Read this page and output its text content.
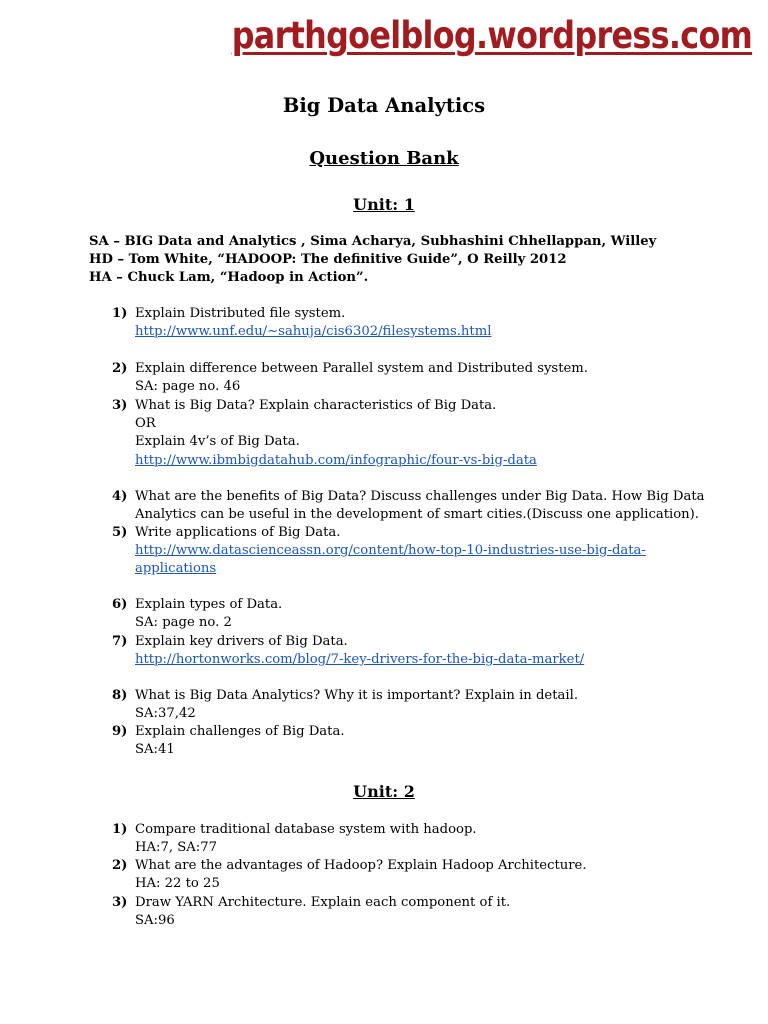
parthgoelblog.wordpress.com
Big Data Analytics
Question Bank
Unit: 1
SA – BIG Data and Analytics , Sima Acharya, Subhashini Chhellappan, Willey
HD – Tom White, “HADOOP: The definitive Guide”, O Reilly 2012
HA – Chuck Lam, “Hadoop in Action”.
1) Explain Distributed file system.
http://www.unf.edu/~sahuja/cis6302/filesystems.html
2) Explain difference between Parallel system and Distributed system.
SA: page no. 46
3) What is Big Data? Explain characteristics of Big Data.
OR
Explain 4v’s of Big Data.
http://www.ibmbigdatahub.com/infographic/four-vs-big-data
4) What are the benefits of Big Data? Discuss challenges under Big Data. How Big Data
Analytics can be useful in the development of smart cities.(Discuss one application).
5) Write applications of Big Data.
http://www.datascienceassn.org/content/how-top-10-industries-use-big-data-
applications
6) Explain types of Data.
SA: page no. 2
7) Explain key drivers of Big Data.
http://hortonworks.com/blog/7-key-drivers-for-the-big-data-market/
8) What is Big Data Analytics? Why it is important? Explain in detail.
SA:37,42
9) Explain challenges of Big Data.
SA:41
Unit: 2
1) Compare traditional database system with hadoop.
HA:7, SA:77
2) What are the advantages of Hadoop? Explain Hadoop Architecture.
HA: 22 to 25
3) Draw YARN Architecture. Explain each component of it.
SA:96
